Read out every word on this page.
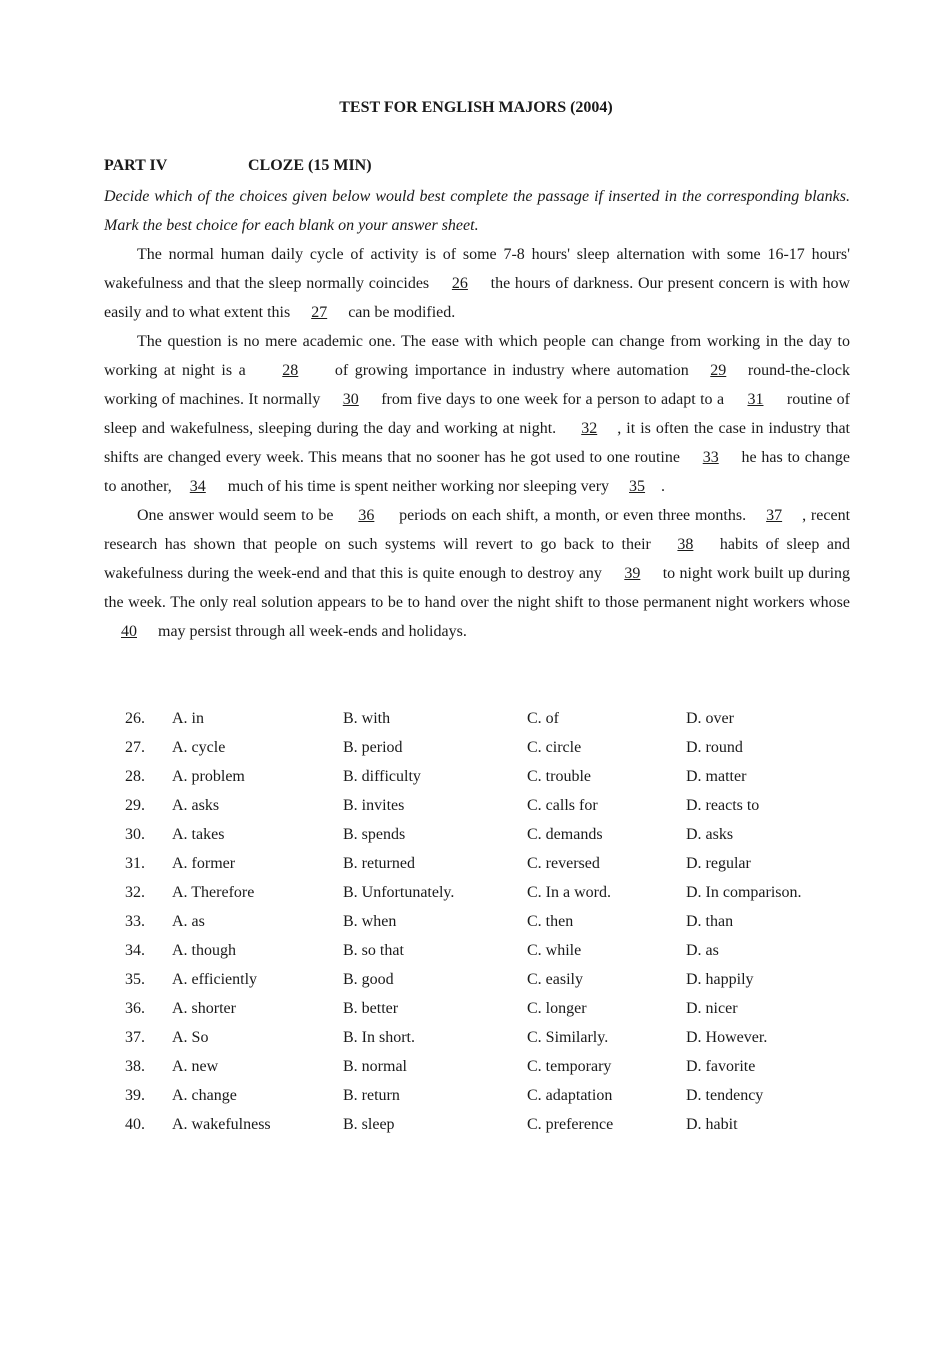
TEST FOR ENGLISH MAJORS (2004)
PART IV	CLOZE (15 MIN)

Decide which of the choices given below would best complete the passage if inserted in the corresponding blanks. Mark the best choice for each blank on your answer sheet.

The normal human daily cycle of activity is of some 7-8 hours' sleep alternation with some 16-17 hours' wakefulness and that the sleep normally coincides 26 the hours of darkness. Our present concern is with how easily and to what extent this 27 can be modified.

The question is no mere academic one. The ease with which people can change from working in the day to working at night is a 28 of growing importance in industry where automation 29 round-the-clock working of machines. It normally 30 from five days to one week for a person to adapt to a 31 routine of sleep and wakefulness, sleeping during the day and working at night. 32 , it is often the case in industry that shifts are changed every week. This means that no sooner has he got used to one routine 33 he has to change to another, 34 much of his time is spent neither working nor sleeping very 35 .

One answer would seem to be 36 periods on each shift, a month, or even three months. 37 , recent research has shown that people on such systems will revert to go back to their 38 habits of sleep and wakefulness during the week-end and that this is quite enough to destroy any 39 to night work built up during the week. The only real solution appears to be to hand over the night shift to those permanent night workers whose 40 may persist through all week-ends and holidays.

26. A. in	B. with	C. of	D. over
27. A. cycle	B. period	C. circle	D. round
28. A. problem	B. difficulty	C. trouble	D. matter
29. A. asks	B. invites	C. calls for	D. reacts to
30. A. takes	B. spends	C. demands	D. asks
31. A. former	B. returned	C. reversed	D. regular
32. A. Therefore	B. Unfortunately.	C. In a word.	D. In comparison.
33. A. as	B. when	C. then	D. than
34. A. though	B. so that	C. while	D. as
35. A. efficiently	B. good	C. easily	D. happily
36. A. shorter	B. better	C. longer	D. nicer
37. A. So	B. In short.	C. Similarly.	D. However.
38. A. new	B. normal	C. temporary	D. favorite
39. A. change	B. return	C. adaptation	D. tendency
40. A. wakefulness	B. sleep	C. preference	D. habit
